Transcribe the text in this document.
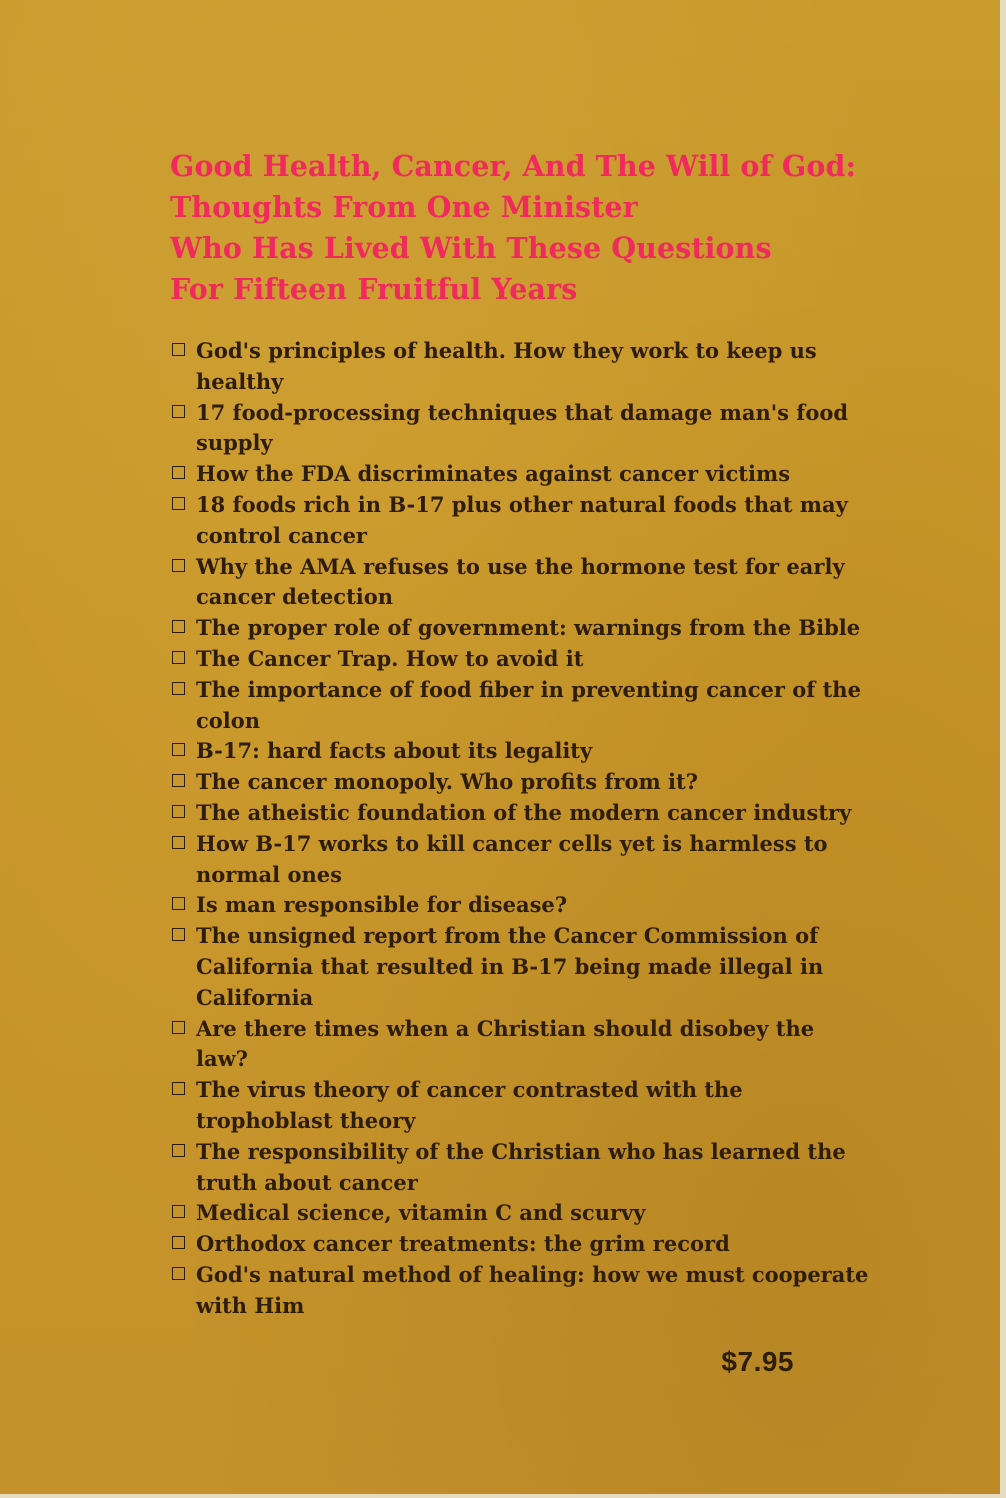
Good Health, Cancer, And The Will of God:
Thoughts From One Minister
Who Has Lived With These Questions
For Fifteen Fruitful Years
God's principles of health. How they work to keep us healthy
17 food-processing techniques that damage man's food supply
How the FDA discriminates against cancer victims
18 foods rich in B-17 plus other natural foods that may control cancer
Why the AMA refuses to use the hormone test for early cancer detection
The proper role of government: warnings from the Bible
The Cancer Trap. How to avoid it
The importance of food fiber in preventing cancer of the colon
B-17: hard facts about its legality
The cancer monopoly. Who profits from it?
The atheistic foundation of the modern cancer industry
How B-17 works to kill cancer cells yet is harmless to normal ones
Is man responsible for disease?
The unsigned report from the Cancer Commission of California that resulted in B-17 being made illegal in California
Are there times when a Christian should disobey the law?
The virus theory of cancer contrasted with the trophoblast theory
The responsibility of the Christian who has learned the truth about cancer
Medical science, vitamin C and scurvy
Orthodox cancer treatments: the grim record
God's natural method of healing: how we must cooperate with Him
$7.95
